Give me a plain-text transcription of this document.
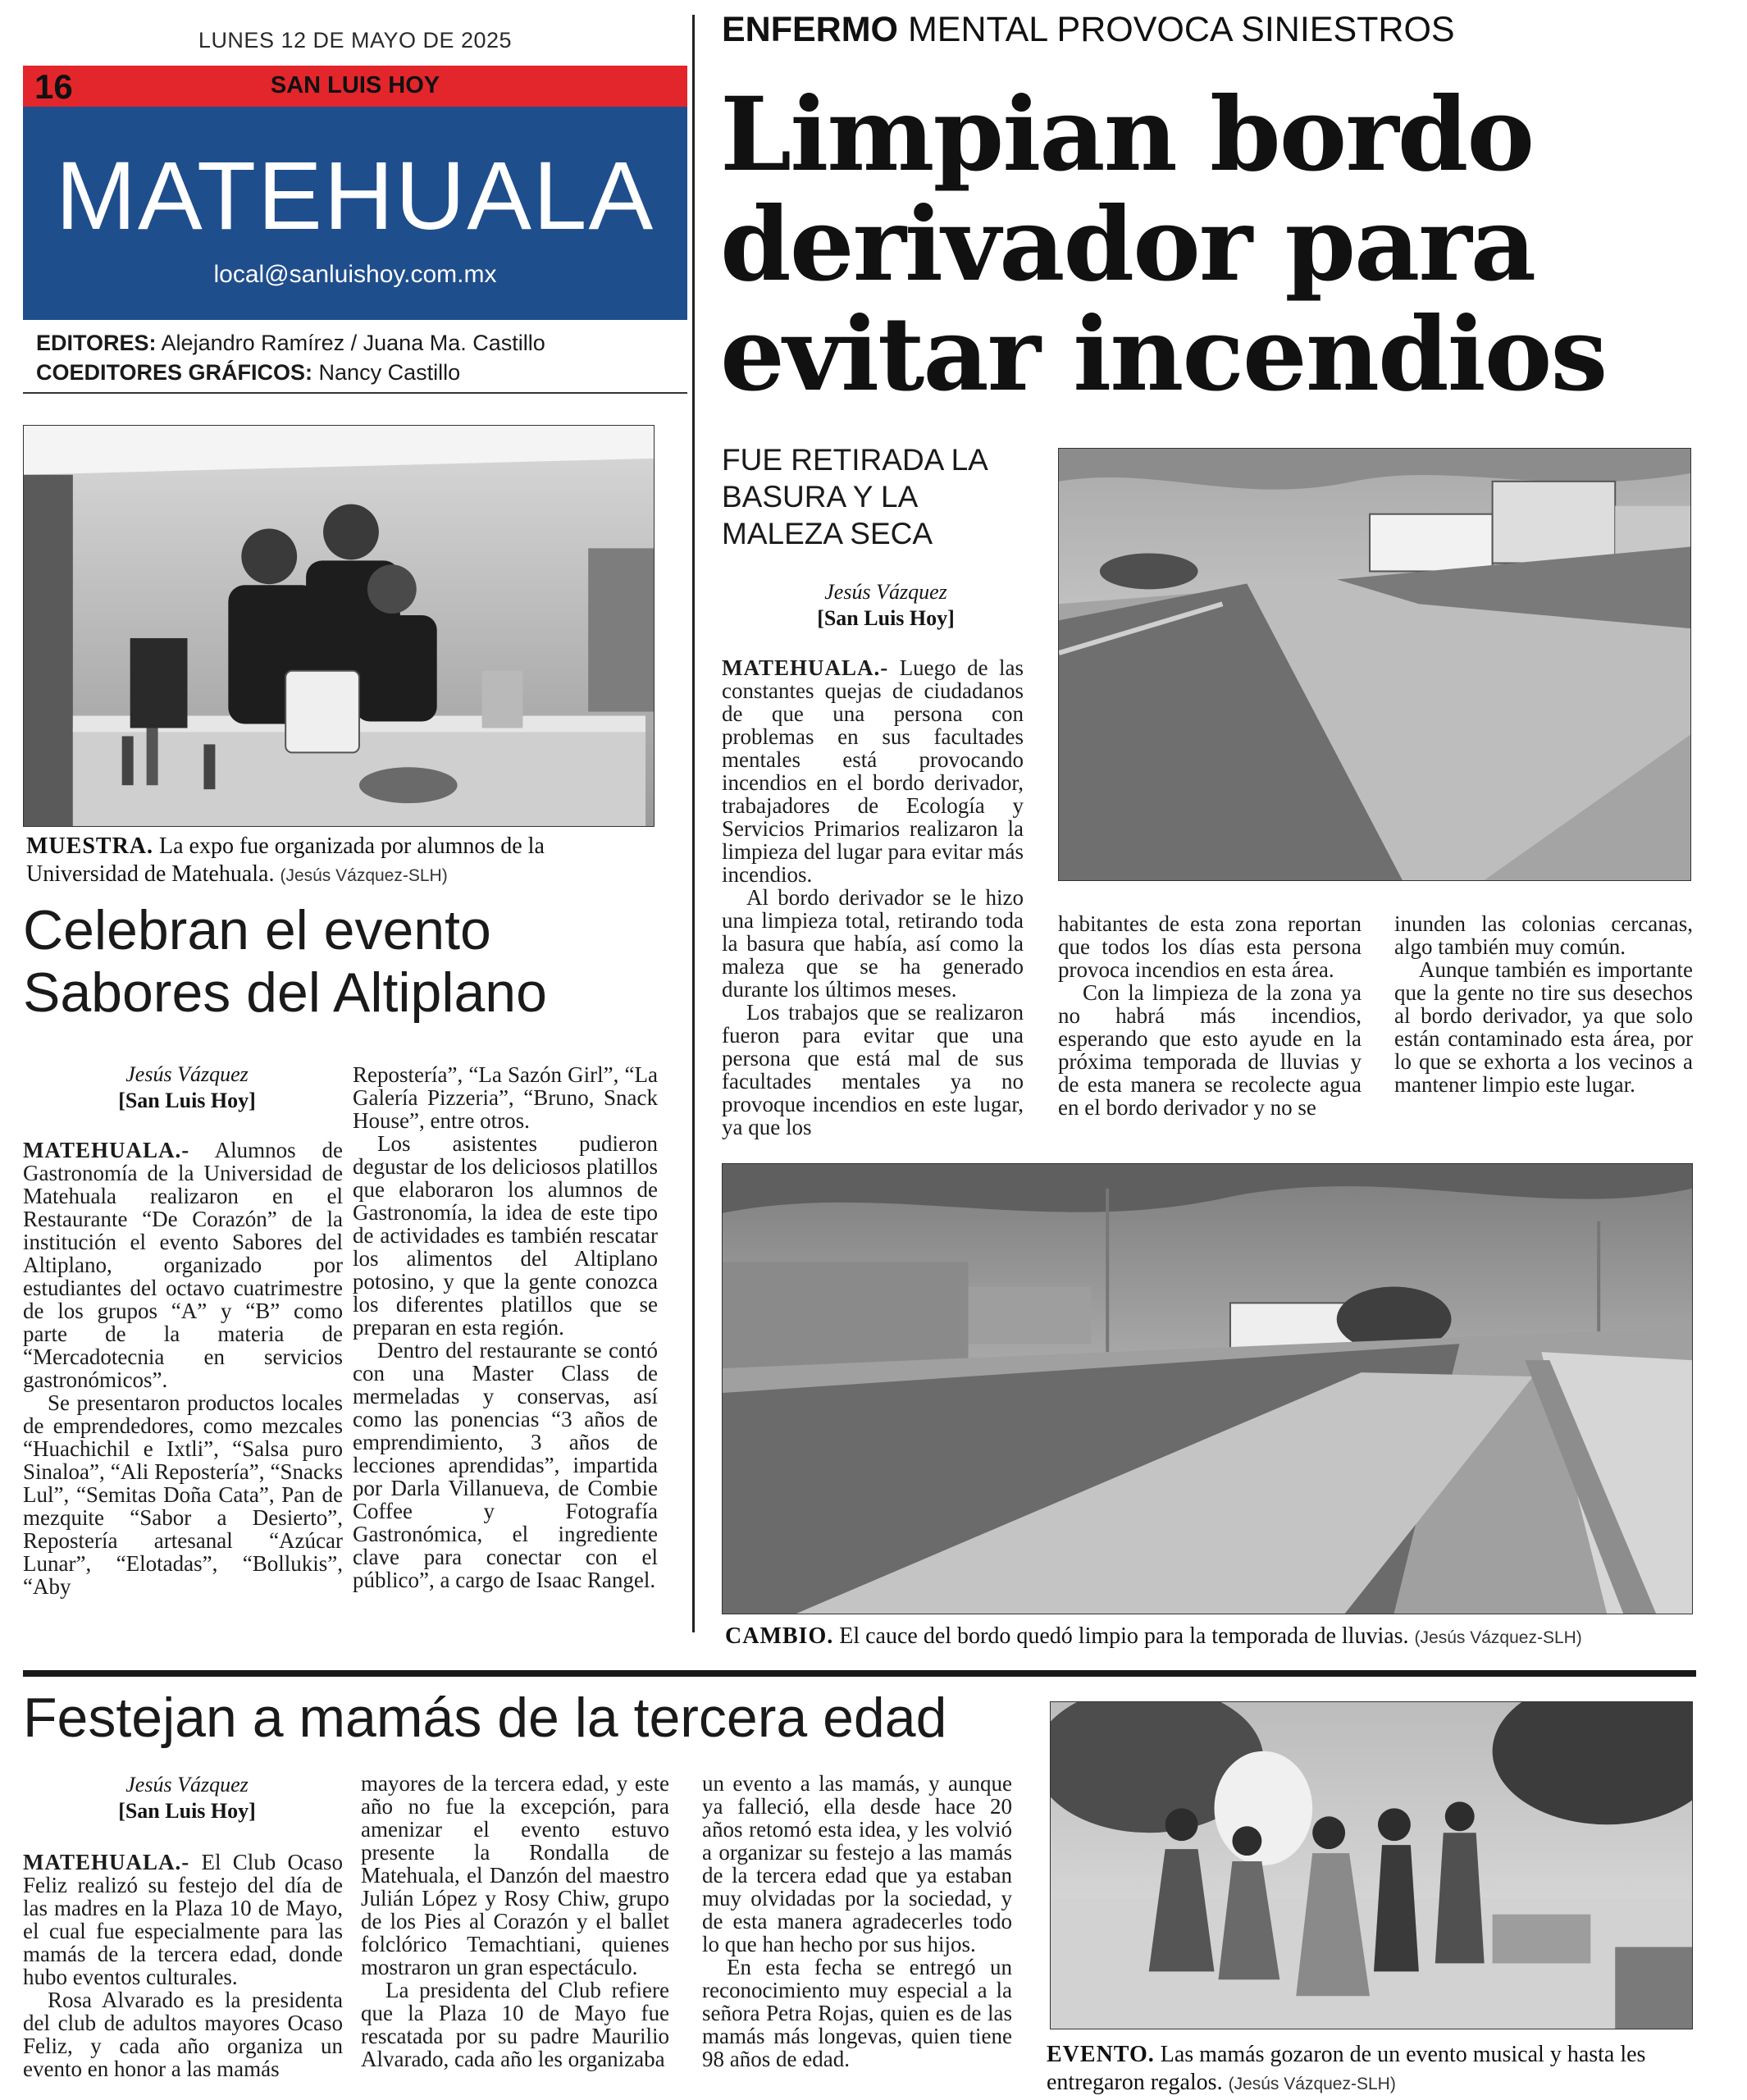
LUNES 12 DE MAYO DE 2025
16	SAN LUIS HOY
MATEHUALA
local@sanluishoy.com.mx
EDITORES: Alejandro Ramírez / Juana Ma. Castillo
COEDITORES GRÁFICOS: Nancy Castillo
MUESTRA. La expo fue organizada por alumnos de la Universidad de Matehuala. (Jesús Vázquez-SLH)
Celebran el evento Sabores del Altiplano
Jesús Vázquez
[San Luis Hoy]

MATEHUALA.- Alumnos de Gastronomía de la Universidad de Matehuala realizaron en el Restaurante “De Corazón” de la institución el evento Sabores del Altiplano, organizado por estudiantes del octavo cuatrimestre de los grupos “A” y “B” como parte de la materia de “Mercadotecnia en servicios gastronómicos”.

Se presentaron productos locales de emprendedores, como mezcales “Huachichil e Ixtli”, “Salsa puro Sinaloa”, “Ali Repostería”, “Snacks Lul”, “Semitas Doña Cata”, Pan de mezquite “Sabor a Desierto”, Repostería artesanal “Azúcar Lunar”, “Elotadas”, “Bollukis”, “Aby

Repostería”, “La Sazón Girl”, “La Galería Pizzeria”, “Bruno, Snack House”, entre otros.

Los asistentes pudieron degustar de los deliciosos platillos que elaboraron los alumnos de Gastronomía, la idea de este tipo de actividades es también rescatar los alimentos del Altiplano potosino, y que la gente conozca los diferentes platillos que se preparan en esta región.

Dentro del restaurante se contó con una Master Class de mermeladas y conservas, así como las ponencias “3 años de emprendimiento, 3 años de lecciones aprendidas”, impartida por Darla Villanueva, de Combie Coffee y Fotografía Gastronómica, el ingrediente clave para conectar con el público”, a cargo de Isaac Rangel.

ENFERMO MENTAL PROVOCA SINIESTROS
Limpian bordo derivador para evitar incendios
FUE RETIRADA LA BASURA Y LA MALEZA SECA
Jesús Vázquez
[San Luis Hoy]

MATEHUALA.- Luego de las constantes quejas de ciudadanos de que una persona con problemas en sus facultades mentales está provocando incendios en el bordo derivador, trabajadores de Ecología y Servicios Primarios realizaron la limpieza del lugar para evitar más incendios.

Al bordo derivador se le hizo una limpieza total, retirando toda la basura que había, así como la maleza que se ha generado durante los últimos meses.

Los trabajos que se realizaron fueron para evitar que una persona que está mal de sus facultades mentales ya no provoque incendios en este lugar, ya que los

habitantes de esta zona reportan que todos los días esta persona provoca incendios en esta área.

Con la limpieza de la zona ya no habrá más incendios, esperando que esto ayude en la próxima temporada de lluvias y de esta manera se recolecte agua en el bordo derivador y no se

inunden las colonias cercanas, algo también muy común.

Aunque también es importante que la gente no tire sus desechos al bordo derivador, ya que solo están contaminado esta área, por lo que se exhorta a los vecinos a mantener limpio este lugar.

CAMBIO. El cauce del bordo quedó limpio para la temporada de lluvias. (Jesús Vázquez-SLH)
Festejan a mamás de la tercera edad
Jesús Vázquez
[San Luis Hoy]

MATEHUALA.- El Club Ocaso Feliz realizó su festejo del día de las madres en la Plaza 10 de Mayo, el cual fue especialmente para las mamás de la tercera edad, donde hubo eventos culturales.

Rosa Alvarado es la presidenta del club de adultos mayores Ocaso Feliz, y cada año organiza un evento en honor a las mamás

mayores de la tercera edad, y este año no fue la excepción, para amenizar el evento estuvo presente la Rondalla de Matehuala, el Danzón del maestro Julián López y Rosy Chiw, grupo de los Pies al Corazón y el ballet folclórico Temachtiani, quienes mostraron un gran espectáculo.

La presidenta del Club refiere que la Plaza 10 de Mayo fue rescatada por su padre Maurilio Alvarado, cada año les organizaba

un evento a las mamás, y aunque ya falleció, ella desde hace 20 años retomó esta idea, y les volvió a organizar su festejo a las mamás de la tercera edad que ya estaban muy olvidadas por la sociedad, y de esta manera agradecerles todo lo que han hecho por sus hijos.

En esta fecha se entregó un reconocimiento muy especial a la señora Petra Rojas, quien es de las mamás más longevas, quien tiene 98 años de edad.	EVENTO. Las mamás gozaron de un evento musical y hasta les entregaron regalos. (Jesús Vázquez-SLH)
